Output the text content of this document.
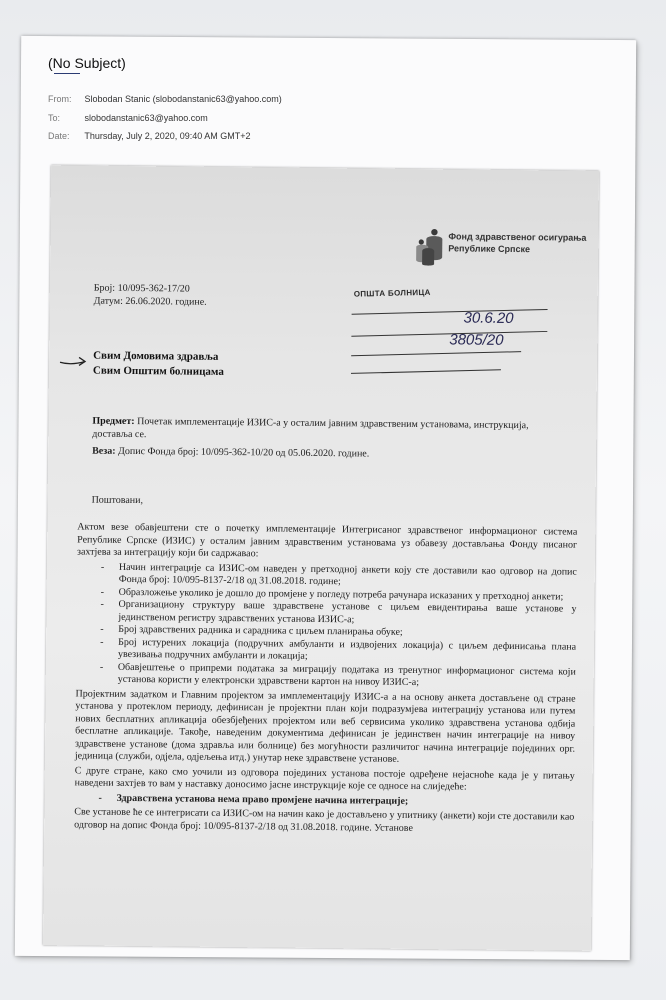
(No Subject)
From: Slobodan Stanic (slobodanstanic63@yahoo.com)
To:	slobodanstanic63@yahoo.com
Date: Thursday, July 2, 2020, 09:40 AM GMT+2
Фонд здравственог осигурања
Републике Српске
Број: 10/095-362-17/20
Датум: 26.06.2020. године.
ОПШТА БОЛНИЦА
30.6.20
3805/20
Свим Домовима здравља
Свим Општим болницама
Предмет: Почетак имплементације ИЗИС-а у осталим јавним здравственим установама, инструкција, достављa се.
Веза: Допис Фонда број: 10/095-362-10/20 од 05.06.2020. године.
Поштовани,

Актом везе обавјештени сте о почетку имплементације Интегрисаног здравственог информационог система Републике Српске (ИЗИС) у осталим јавним здравственим установама уз обавезу достављања Фонду писаног захтјева за интеграцију који би садржавао:

- Начин интеграције са ИЗИС-ом наведен у претходној анкети коју сте доставили као одговор на допис Фонда број: 10/095-8137-2/18 од 31.08.2018. године;
- Образложење уколико је дошло до промјене у погледу потреба рачунара исказаних у претходној анкети;
- Организациону структуру ваше здравствене установе с циљем евидентирања ваше установе у јединственом регистру здравствених установа ИЗИС-а;
- Број здравствених радника и сарадника с циљем планирања обуке;
- Број истурених локација (подручних амбуланти и издвојених локација) с циљем дефинисања плана увезивања подручних амбуланти и локација;
- Обавјештење о припреми података за миграцију података из тренутног информационог система који установа користи у електронски здравствени картон на нивоу ИЗИС-а;

Пројектним задатком и Главним пројектом за имплементацију ИЗИС-а а на основу анкета достављене од стране установа у протеклом периоду, дефинисан је пројектни план који подразумјева интеграцију установа или путем нових бесплатних апликација обезбјеђених пројектом или веб сервисима уколико здравствена установа одбија бесплатне апликације. Такође, наведеним документима дефинисан је јединствен начин интеграције на нивоу здравствене установе (дома здравља или болнице) без могућности различитог начина интеграције појединих орг. јединица (служби, одјела, одјељења итд.) унутар неке здравствене установе.

С друге стране, како смо уочили из одговора појединих установа постоје одређене нејасноће када је у питању наведени захтјев то вам у наставку доносимо јасне инструкције које се односе на слиједеће:

- Здравствена установа нема право промјене начина интеграције;

Све установе ће се интегрисати са ИЗИС-ом на начин како је достављено у упитнику (анкети) који сте доставили као одговор на допис Фонда број: 10/095-8137-2/18 од 31.08.2018. године. Установе
